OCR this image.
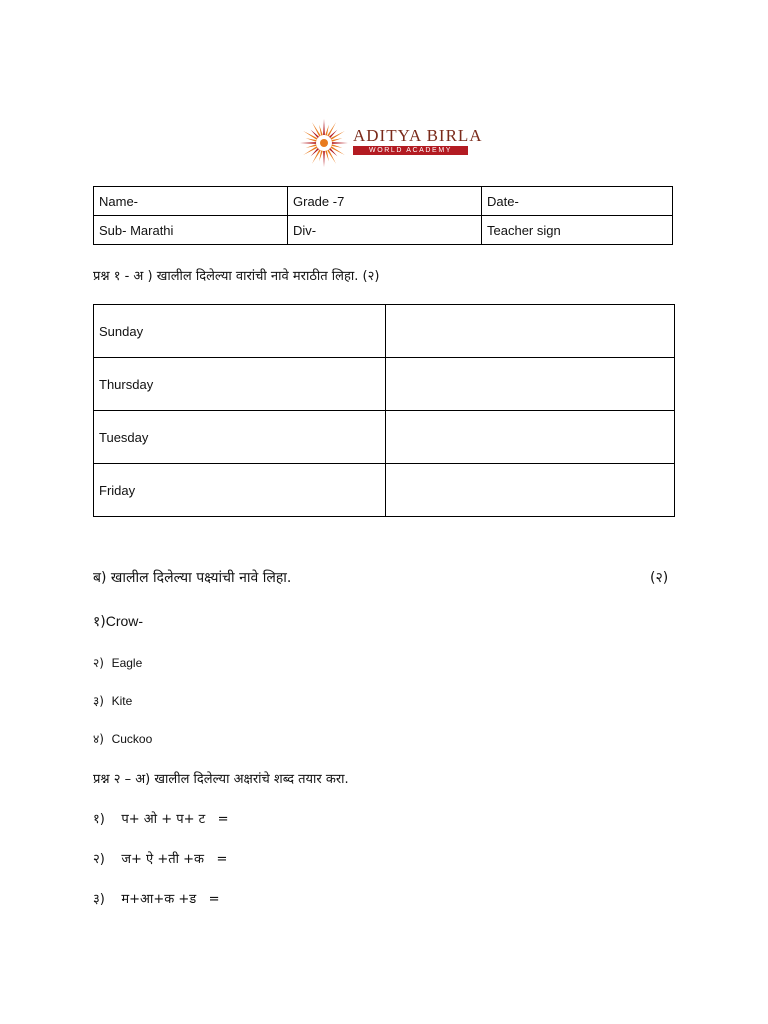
ADITYA BIRLA
WORLD ACADEMY
Name-	Grade -7	Date-
Sub- Marathi	Div-	Teacher sign
प्रश्न १ - अ ) खालील दिलेल्या वारांची नावे मराठीत लिहा. (२)
Sunday	
Thursday	
Tuesday	
Friday	
ब) खालील दिलेल्या पक्ष्यांची नावे लिहा.	(२)
१)Crow-
२) Eagle
३) Kite
४) Cuckoo
प्रश्न २ – अ) खालील दिलेल्या अक्षरांचे शब्द तयार करा.
१) प+ ओ + प+ ट   =
२) ज+ ऐ +ती +क   =
३) म+आ+क +ड   =
